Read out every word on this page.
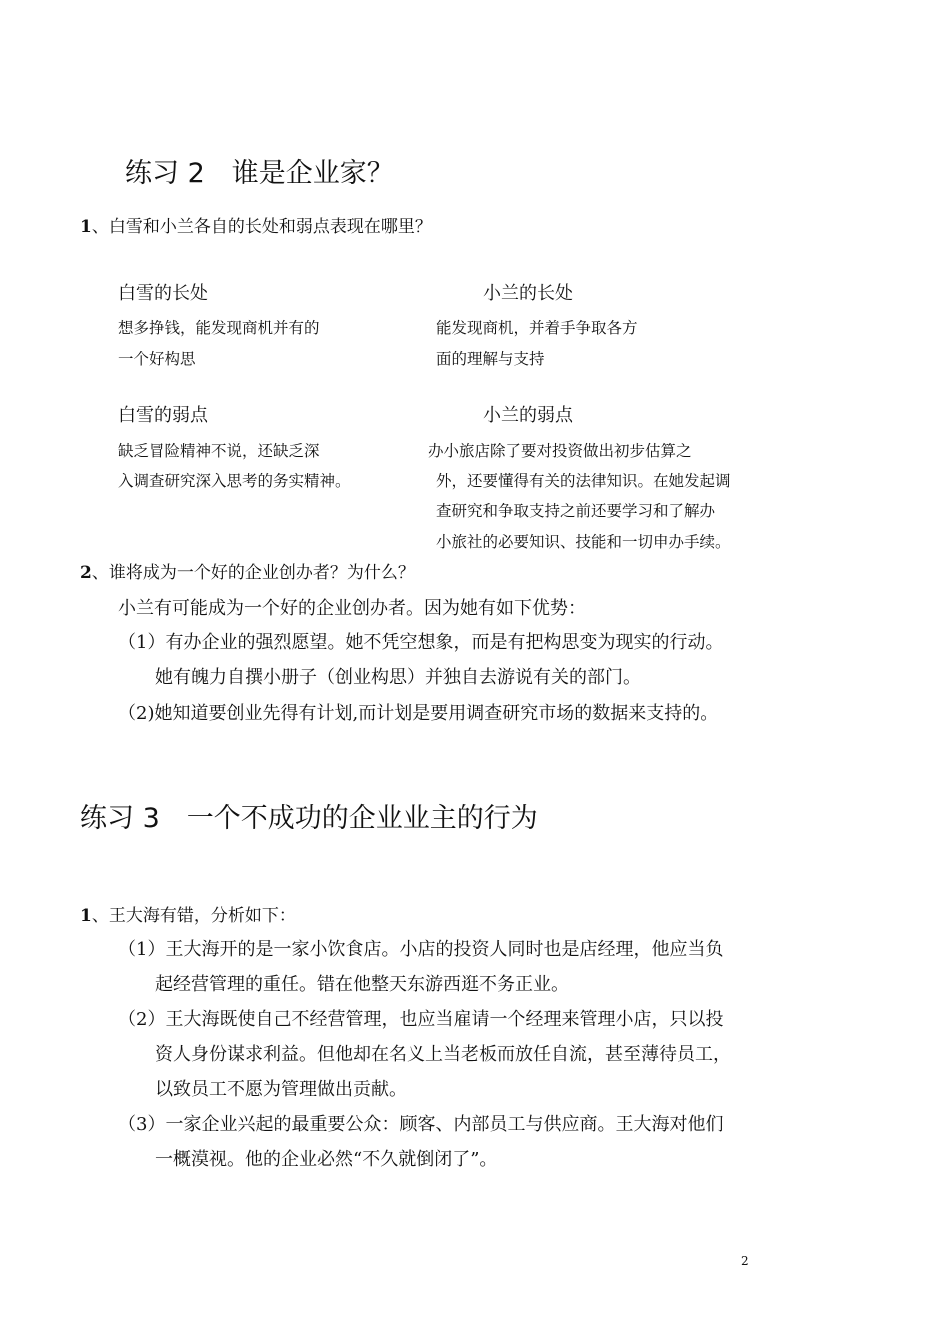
练习 2　谁是企业家？
1、白雪和小兰各自的长处和弱点表现在哪里？
白雪的长处	小兰的长处
想多挣钱，能发现商机并有的
一个好构思
能发现商机，并着手争取各方
面的理解与支持
白雪的弱点	小兰的弱点
缺乏冒险精神不说，还缺乏深
入调查研究深入思考的务实精神。
办小旅店除了要对投资做出初步估算之
外，还要懂得有关的法律知识。在她发起调
查研究和争取支持之前还要学习和了解办
小旅社的必要知识、技能和一切申办手续。
2、谁将成为一个好的企业创办者？为什么？
小兰有可能成为一个好的企业创办者。因为她有如下优势：
（1）有办企业的强烈愿望。她不凭空想象，而是有把构思变为现实的行动。
她有魄力自撰小册子（创业构思）并独自去游说有关的部门。
（2)她知道要创业先得有计划,而计划是要用调查研究市场的数据来支持的。
练习 3　一个不成功的企业业主的行为
1、王大海有错，分析如下：
（1）王大海开的是一家小饮食店。小店的投资人同时也是店经理，他应当负
起经营管理的重任。错在他整天东游西逛不务正业。
（2）王大海既使自己不经营管理，也应当雇请一个经理来管理小店，只以投
资人身份谋求利益。但他却在名义上当老板而放任自流，甚至薄待员工，
以致员工不愿为管理做出贡献。
（3）一家企业兴起的最重要公众：顾客、内部员工与供应商。王大海对他们
一概漠视。他的企业必然“不久就倒闭了”。
2
